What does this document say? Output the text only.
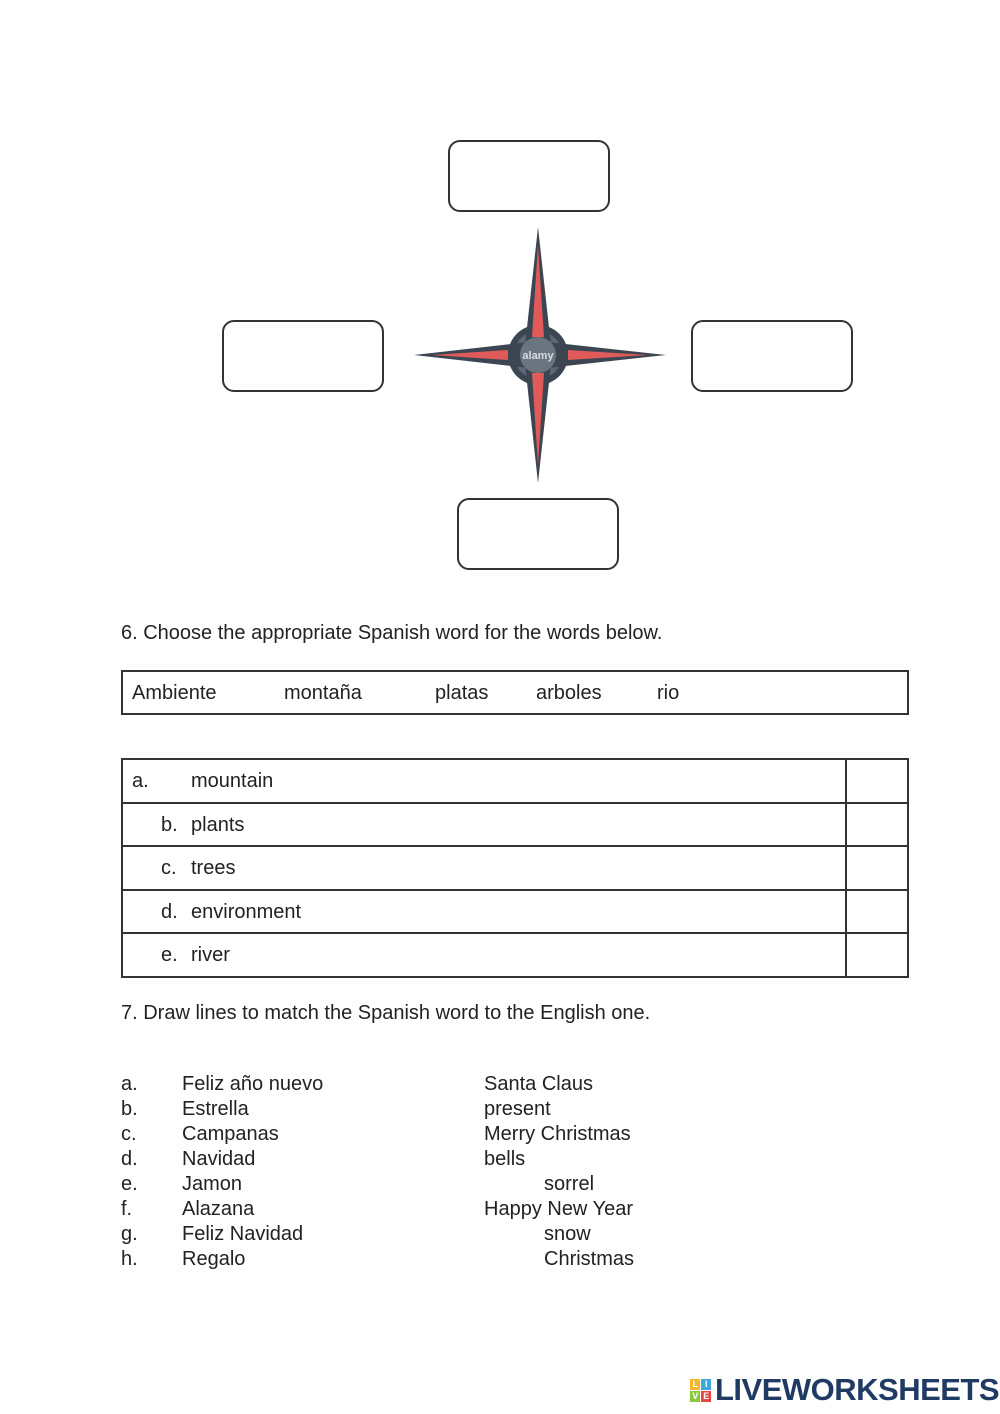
alamy
6. Choose the appropriate Spanish word for the words below.
Ambiente	montaña	platas arboles	rio
a. mountain
b. plants
c. trees
d. environment
e. river
7. Draw lines to match the Spanish word to the English one.
a. Feliz año nuevo	Santa Claus
b. Estrella	present
c. Campanas	Merry Christmas
d. Navidad	bells
e. Jamon	sorrel
f. Alazana	Happy New Year
g. Feliz Navidad	snow
h. Regalo	Christmas
L I
V E LIVEWORKSHEETS
